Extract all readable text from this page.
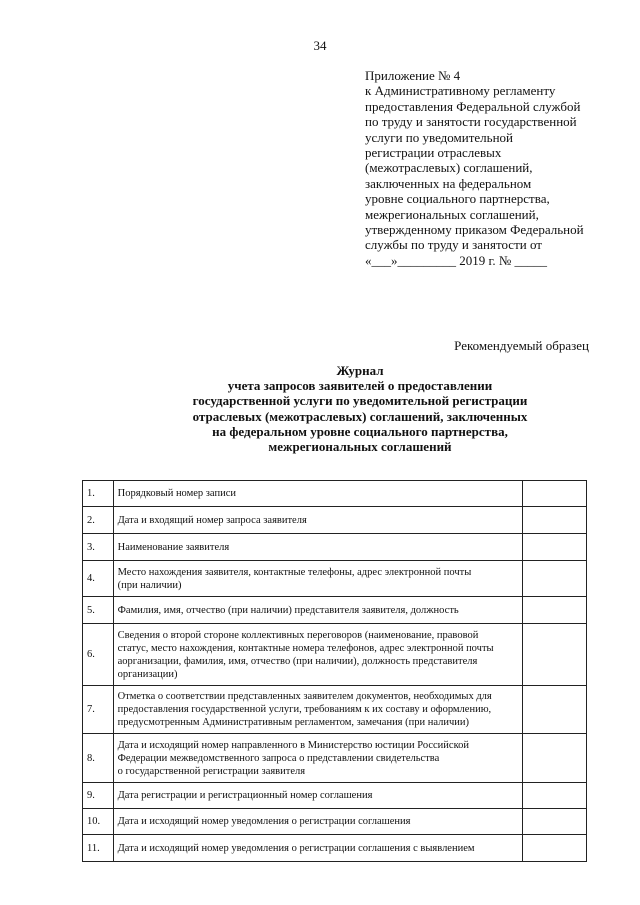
34
Приложение № 4
к Административному регламенту
предоставления Федеральной службой
по труду и занятости государственной
услуги по уведомительной
регистрации отраслевых
(межотраслевых) соглашений,
заключенных на федеральном
уровне социального партнерства,
межрегиональных соглашений,
утвержденному приказом Федеральной
службы по труду и занятости от
«___»_________ 2019 г. № _____
Рекомендуемый образец
Журнал
учета запросов заявителей о предоставлении
государственной услуги по уведомительной регистрации
отраслевых (межотраслевых) соглашений, заключенных
на федеральном уровне социального партнерства,
межрегиональных соглашений
1.	Порядковый номер записи	

2.	Дата и входящий номер запроса заявителя	

3.	Наименование заявителя	

4.	Место нахождения заявителя, контактные телефоны, адрес электронной почты
(при наличии)	

5.	Фамилия, имя, отчество (при наличии) представителя заявителя, должность	

6.	Сведения о второй стороне коллективных переговоров (наименование, правовой
статус, место нахождения, контактные номера телефонов, адрес электронной почты
аорганизации, фамилия, имя, отчество (при наличии), должность представителя
организации)	

7.	Отметка о соответствии представленных заявителем документов, необходимых для
предоставления государственной услуги, требованиям к их составу и оформлению,
предусмотренным Административным регламентом, замечания (при наличии)	

8.	Дата и исходящий номер направленного в Министерство юстиции Российской
Федерации межведомственного запроса о представлении свидетельства
о государственной регистрации заявителя	

9.	Дата регистрации и регистрационный номер соглашения	

10.	Дата и исходящий номер уведомления о регистрации соглашения	

11.	Дата и исходящий номер уведомления о регистрации соглашения с выявлением	
